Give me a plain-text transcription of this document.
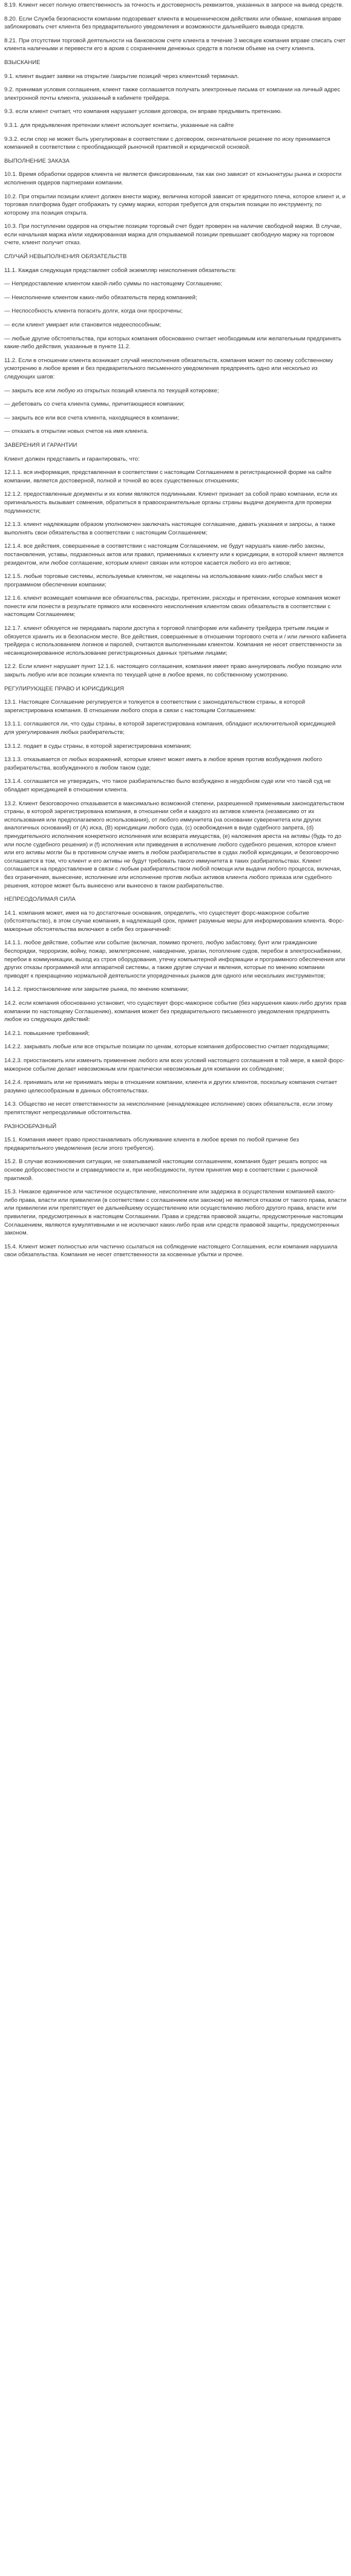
8.19. Клиент несет полную ответственность за точность и достоверность реквизитов, указанных в запросе на вывод средств.

8.20. Если Служба безопасности компании подозревает клиента в мошенническом действиях или обмане, компания вправе заблокировать счет клиента без предварительного уведомления и возможности дальнейшего вывода средств.

8.21. При отсутствии торговой деятельности на банковском счете клиента в течение 3 месяцев компания вправе списать счет клиента наличными и перевести его в архив с сохранением денежных средств в полном объеме на счету клиента.

ВЗЫСКАНИЕ

9.1. клиент выдает заявки на открытие /закрытие позиций через клиентский терминал.

9.2. принимая условия соглашения, клиент также соглашается получать электронные письма от компании на личный адрес электронной почты клиента, указанный в кабинете трейдера.

9.3. если клиент считает, что компания нарушает условия договора, он вправе предъявить претензию.

9.3.1. для предъявления претензии клиент использует контакты, указанные на сайте

9.3.2. если спор не может быть урегулирован в соответствии с договором, окончательное решение по иску принимается компанией в соответствии с преобладающей рыночной практикой и юридической основой.

ВЫПОЛНЕНИЕ ЗАКАЗА

10.1. Время обработки ордеров клиента не является фиксированным, так как оно зависит от конъюнктуры рынка и скорости исполнения ордеров партнерами компании.

10.2. При открытии позиции клиент должен внести маржу, величина которой зависит от кредитного плеча, которое клиент и, и торговая платформа будет отображать ту сумму маржи, которая требуется для открытия позиции по инструменту, по которому эта позиция открыта.

10.3. При поступлении ордеров на открытие позиции торговый счет будет проверен на наличие свободной маржи. В случае, если начальная маржа и/или хеджированная маржа для открываемой позиции превышает свободную маржу на торговом счете, клиент получит отказ.

СЛУЧАЙ НЕВЫПОЛНЕНИЯ ОБЯЗАТЕЛЬСТВ

11.1. Каждая следующая представляет собой экземпляр неисполнения обязательств:

— Непредоставление клиентом какой-либо суммы по настоящему Соглашению;

— Неисполнение клиентом каких-либо обязательств перед компанией;

— Неспособность клиента погасить долги, когда они просрочены;

— если клиент умирает или становится недееспособным;

— любые другие обстоятельства, при которых компания обоснованно считает необходимым или желательным предпринять какие-либо действия, указанные в пункте 11.2.

11.2. Если в отношении клиента возникает случай неисполнения обязательств, компания может по своему собственному усмотрению в любое время и без предварительного письменного уведомления предпринять одно или несколько из следующих шагов:

— закрыть все или любую из открытых позиций клиента по текущей котировке;

— дебетовать со счета клиента суммы, причитающиеся компании;

— закрыть все или все счета клиента, находящиеся в компании;

— отказать в открытии новых счетов на имя клиента.

ЗАВЕРЕНИЯ И ГАРАНТИИ

Клиент должен представить и гарантировать, что:

12.1.1. вся информация, представленная в соответствии с настоящим Соглашением в регистрационной форме на сайте компании, является достоверной, полной и точной во всех существенных отношениях;

12.1.2. предоставленные документы и их копии являются подлинными. Клиент признает за собой право компании, если их оригинальность вызывает сомнения, обратиться в правоохранительные органы страны выдачи документа для проверки подлинности;

12.1.3. клиент надлежащим образом уполномочен заключать настоящее соглашение, давать указания и запросы, а также выполнять свои обязательства в соответствии с настоящим Соглашением;

12.1.4. все действия, совершенные в соответствии с настоящим Соглашением, не будут нарушать какие-либо законы, постановления, уставы, подзаконных актов или правил, применимых к клиенту или к юрисдикции, в которой клиент является резидентом, или любое соглашение, которым клиент связан или которое касается любого из его активов;

12.1.5. любые торговые системы, используемые клиентом, не нацелены на использование каких-либо слабых мест в программном обеспечении компании;

12.1.6. клиент возмещает компании все обязательства, расходы, претензии, расходы и претензии, которые компания может понести или понести в результате прямого или косвенного неисполнения клиентом своих обязательств в соответствии с настоящим Соглашением;

12.1.7. клиент обязуется не передавать пароли доступа к торговой платформе или кабинету трейдера третьим лицам и обязуется хранить их в безопасном месте. Все действия, совершенные в отношении торгового счета и / или личного кабинета трейдера с использованием логинов и паролей, считаются выполненными клиентом. Компания не несет ответственности за несанкционированное использование регистрационных данных третьими лицами;

12.2. Если клиент нарушает пункт 12.1.6. настоящего соглашения, компания имеет право аннулировать любую позицию или закрыть любую или все позиции клиента по текущей цене в любое время, по собственному усмотрению.

РЕГУЛИРУЮЩЕЕ ПРАВО И ЮРИСДИКЦИЯ

13.1. Настоящее Соглашение регулируется и толкуется в соответствии с законодательством страны, в которой зарегистрирована компания. В отношении любого спора в связи с настоящим Соглашением:

13.1.1. соглашаются ли, что суды страны, в которой зарегистрирована компания, обладают исключительной юрисдикцией для урегулирования любых разбирательств;

13.1.2. подает в суды страны, в которой зарегистрирована компания;

13.1.3. отказывается от любых возражений, которые клиент может иметь в любое время против возбуждения любого разбирательства, возбужденного в любом таком суде;

13.1.4. соглашается не утверждать, что такое разбирательство было возбуждено в неудобном суде или что такой суд не обладает юрисдикцией в отношении клиента.

13.2. Клиент безоговорочно отказывается в максимально возможной степени, разрешенной применимым законодательством страны, в которой зарегистрирована компания, в отношении себя и каждого из активов клиента (независимо от их использования или предполагаемого использования), от любого иммунитета (на основании суверенитета или других аналогичных оснований) от (A) иска, (B) юрисдикции любого суда, (c) освобождения в виде судебного запрета, (d) принудительного исполнения конкретного исполнения или возврата имущества, (e) наложения ареста на активы (будь то до или после судебного решения) и (f) исполнения или приведения в исполнение любого судебного решения, которое клиент или его активы могли бы в противном случае иметь в любом разбирательстве в судах любой юрисдикции, и безоговорочно соглашается в том, что клиент и его активы не будут требовать такого иммунитета в таких разбирательствах. Клиент соглашается на предоставление в связи с любым разбирательством любой помощи или выдачи любого процесса, включая, без ограничения, вынесение, исполнение или исполнение против любых активов клиента любого приказа или судебного решения, которое может быть вынесено или вынесено в таком разбирательстве.

НЕПРЕОДОЛИМАЯ СИЛА

14.1. компания может, имея на то достаточные основания, определить, что существует форс-мажорное событие (обстоятельство), в этом случае компания, в надлежащий срок, примет разумные меры для информирования клиента. Форс-мажорные обстоятельства включают в себя без ограничений:

14.1.1. любое действие, событие или событие (включая, помимо прочего, любую забастовку, бунт или гражданские беспорядки, терроризм, войну, пожар, землетрясение, наводнение, ураган, потопление судов, перебои в электроснабжении, перебои в коммуникации, выход из строя оборудования, утечку компьютерной информации и программного обеспечения или других отказы программной или аппаратной системы, а также другие случаи и явления, которые по мнению компании приводят к прекращению нормальной деятельности упорядоченных рынков для одного или нескольких инструментов;

14.1.2. приостановление или закрытие рынка, по мнению компании;

14.2. если компания обоснованно установит, что существует форс-мажорное событие (без нарушения каких-либо других прав компании по настоящему Соглашению), компания может без предварительного письменного уведомления предпринять любое из следующих действий:

14.2.1. повышение требований;

14.2.2. закрывать любые или все открытые позиции по ценам, которые компания добросовестно считает подходящими;

14.2.3. приостановить или изменить применение любого или всех условий настоящего соглашения в той мере, в какой форс-мажорное событие делает невозможным или практически невозможным для компании их соблюдение;

14.2.4. принимать или не принимать меры в отношении компании, клиента и других клиентов, поскольку компания считает разумно целесообразным в данных обстоятельствах.

14.3. Общество не несет ответственности за неисполнение (ненадлежащее исполнение) своих обязательств, если этому препятствуют непреодолимые обстоятельства.

РАЗНООБРАЗНЫЙ

15.1. Компания имеет право приостанавливать обслуживание клиента в любое время по любой причине без предварительного уведомления (если этого требуется).

15.2. В случае возникновения ситуации, не охватываемой настоящим соглашением, компания будет решать вопрос на основе добросовестности и справедливости и, при необходимости, путем принятия мер в соответствии с рыночной практикой.

15.3. Никакое единичное или частичное осуществление, неисполнение или задержка в осуществлении компанией какого-либо права, власти или привилегии (в соответствии с соглашением или законом) не является отказом от такого права, власти или привилегии или препятствует ее дальнейшему осуществлению или осуществлению любого другого права, власти или привилегии, предусмотренных в настоящем Соглашении. Права и средства правовой защиты, предусмотренные настоящим Соглашением, являются кумулятивными и не исключают каких-либо прав или средств правовой защиты, предусмотренных законом.

15.4. Клиент может полностью или частично ссылаться на соблюдение настоящего Соглашения, если компания нарушила свои обязательства. Компания не несет ответственности за косвенные убытки и прочее.
